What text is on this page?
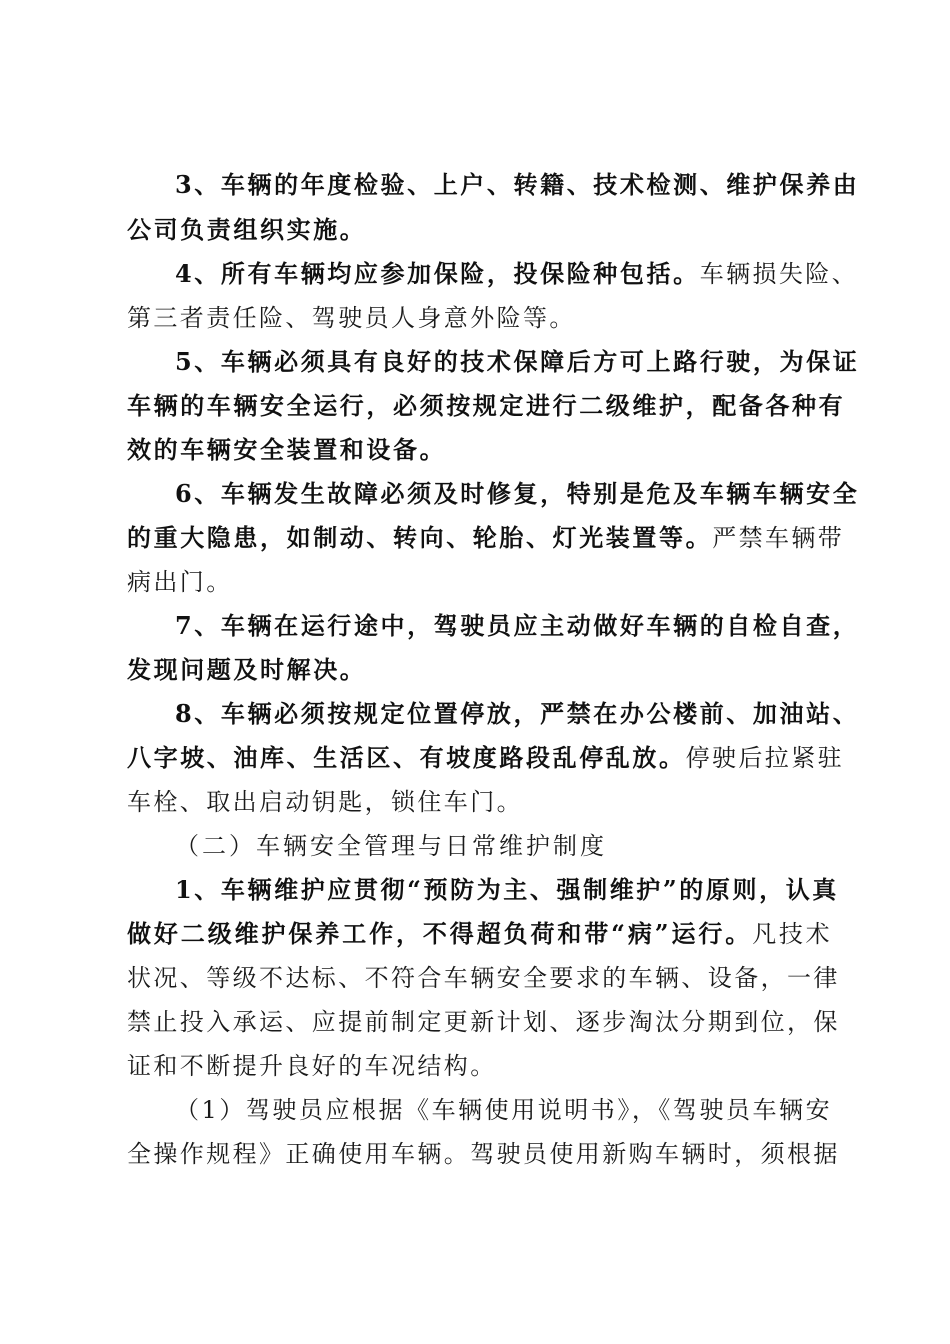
3、车辆的年度检验、上户、转籍、技术检测、维护保养由
公司负责组织实施。
4、所有车辆均应参加保险，投保险种包括。车辆损失险、
第三者责任险、驾驶员人身意外险等。
5、车辆必须具有良好的技术保障后方可上路行驶，为保证
车辆的车辆安全运行，必须按规定进行二级维护，配备各种有
效的车辆安全装置和设备。
6、车辆发生故障必须及时修复，特别是危及车辆车辆安全
的重大隐患，如制动、转向、轮胎、灯光装置等。严禁车辆带
病出门。
7、车辆在运行途中，驾驶员应主动做好车辆的自检自查，
发现问题及时解决。
8、车辆必须按规定位置停放，严禁在办公楼前、加油站、
八字坡、油库、生活区、有坡度路段乱停乱放。停驶后拉紧驻
车栓、取出启动钥匙，锁住车门。
（二）车辆安全管理与日常维护制度
1、车辆维护应贯彻“预防为主、强制维护”的原则，认真
做好二级维护保养工作，不得超负荷和带“病”运行。凡技术
状况、等级不达标、不符合车辆安全要求的车辆、设备，一律
禁止投入承运、应提前制定更新计划、逐步淘汰分期到位，保
证和不断提升良好的车况结构。
（1）驾驶员应根据《车辆使用说明书》，《驾驶员车辆安
全操作规程》正确使用车辆。驾驶员使用新购车辆时，须根据
